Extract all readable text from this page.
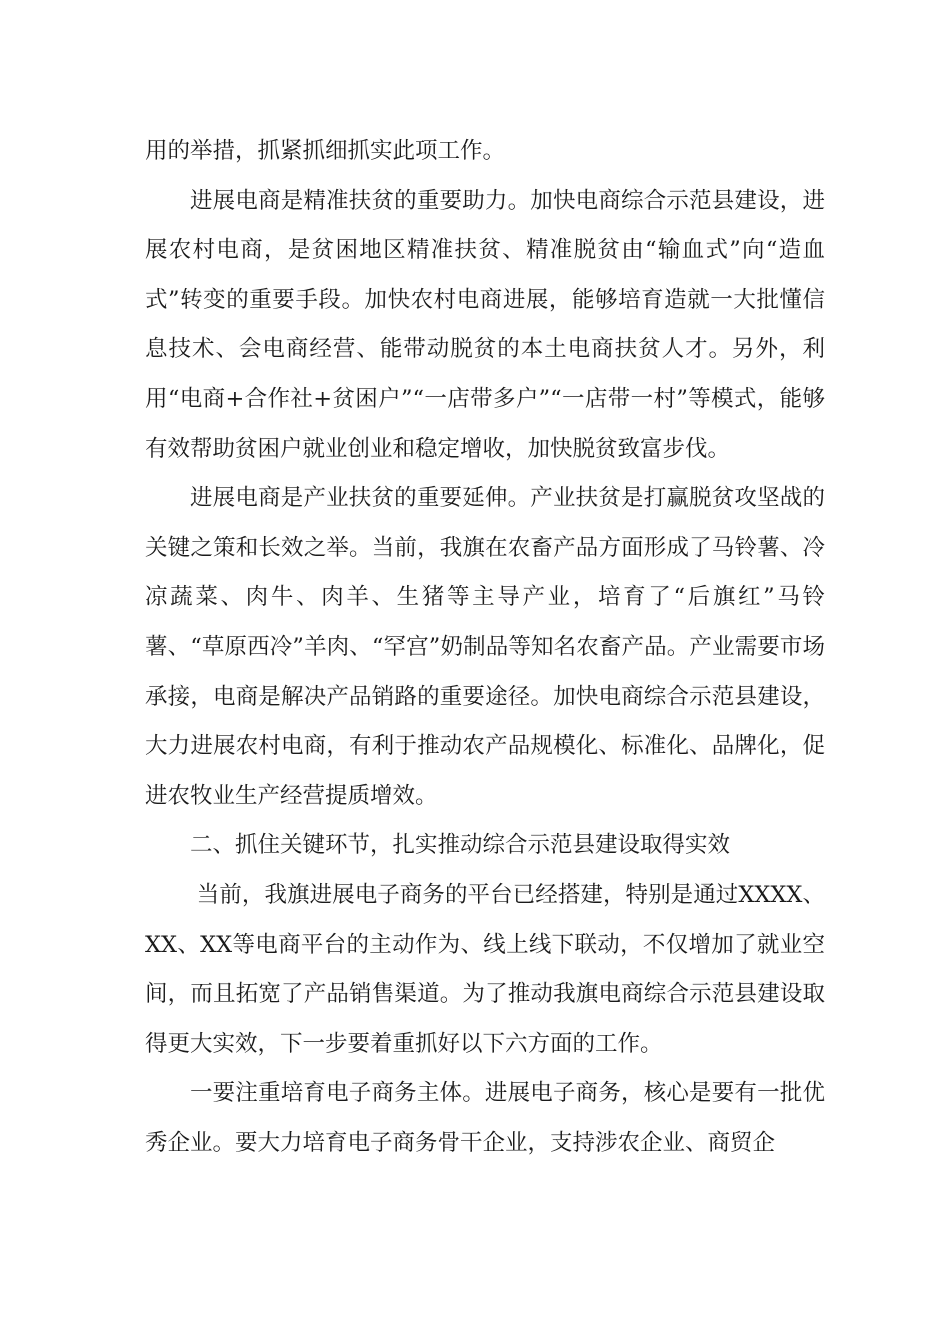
用的举措，抓紧抓细抓实此项工作。

进展电商是精准扶贫的重要助力。加快电商综合示范县建设，进展农村电商，是贫困地区精准扶贫、精准脱贫由“输血式”向“造血式”转变的重要手段。加快农村电商进展，能够培育造就一大批懂信息技术、会电商经营、能带动脱贫的本土电商扶贫人才。另外，利用“电商+合作社+贫困户”“一店带多户”“一店带一村”等模式，能够有效帮助贫困户就业创业和稳定增收，加快脱贫致富步伐。

进展电商是产业扶贫的重要延伸。产业扶贫是打赢脱贫攻坚战的关键之策和长效之举。当前，我旗在农畜产品方面形成了马铃薯、冷凉蔬菜、肉牛、肉羊、生猪等主导产业，培育了“后旗红”马铃薯、“草原西冷”羊肉、“罕宫”奶制品等知名农畜产品。产业需要市场承接，电商是解决产品销路的重要途径。加快电商综合示范县建设，大力进展农村电商，有利于推动农产品规模化、标准化、品牌化，促进农牧业生产经营提质增效。

二、抓住关键环节，扎实推动综合示范县建设取得实效

当前，我旗进展电子商务的平台已经搭建，特别是通过XXXX、XX、XX等电商平台的主动作为、线上线下联动，不仅增加了就业空间，而且拓宽了产品销售渠道。为了推动我旗电商综合示范县建设取得更大实效，下一步要着重抓好以下六方面的工作。

一要注重培育电子商务主体。进展电子商务，核心是要有一批优秀企业。要大力培育电子商务骨干企业，支持涉农企业、商贸企
